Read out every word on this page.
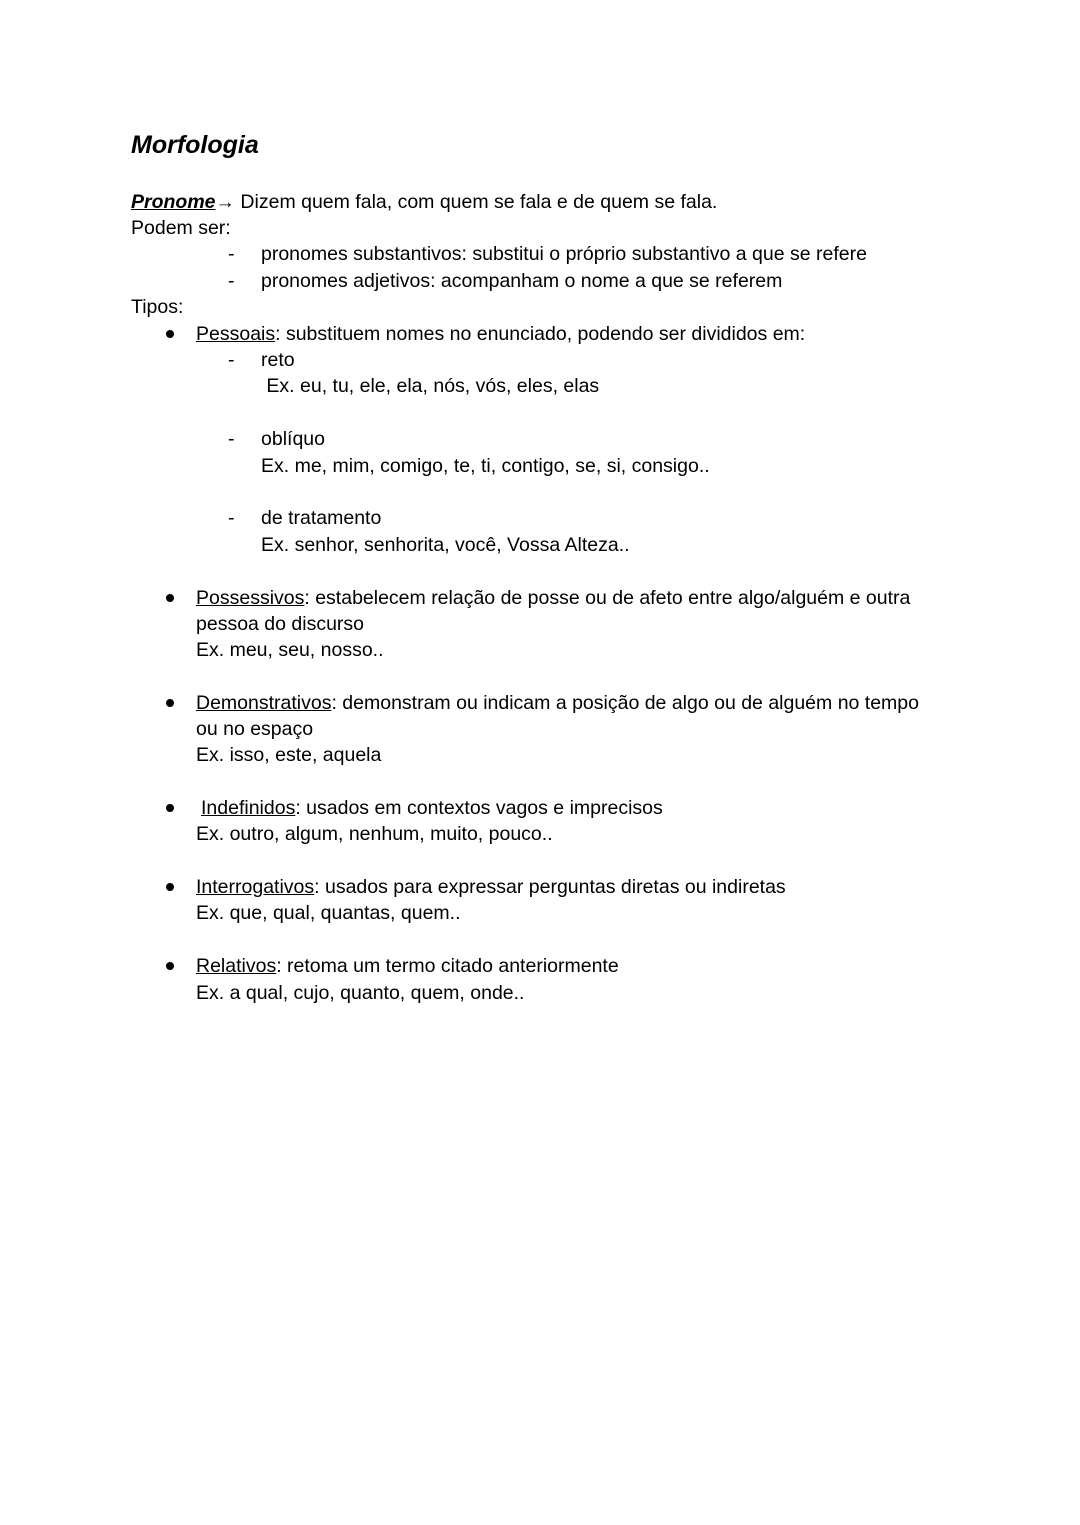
Morfologia
Pronome→ Dizem quem fala, com quem se fala e de quem se fala.
Podem ser:
- pronomes substantivos: substitui o próprio substantivo a que se refere
- pronomes adjetivos: acompanham o nome a que se referem
Tipos:
Pessoais: substituem nomes no enunciado, podendo ser divididos em:
- reto
Ex. eu, tu, ele, ela, nós, vós, eles, elas
- oblíquo
Ex. me, mim, comigo, te, ti, contigo, se, si, consigo..
- de tratamento
Ex. senhor, senhorita, você, Vossa Alteza..
Possessivos: estabelecem relação de posse ou de afeto entre algo/alguém e outra
pessoa do discurso
Ex. meu, seu, nosso..
Demonstrativos: demonstram ou indicam a posição de algo ou de alguém no tempo
ou no espaço
Ex. isso, este, aquela
Indefinidos: usados em contextos vagos e imprecisos
Ex. outro, algum, nenhum, muito, pouco..
Interrogativos: usados para expressar perguntas diretas ou indiretas
Ex. que, qual, quantas, quem..
Relativos: retoma um termo citado anteriormente
Ex. a qual, cujo, quanto, quem, onde..
